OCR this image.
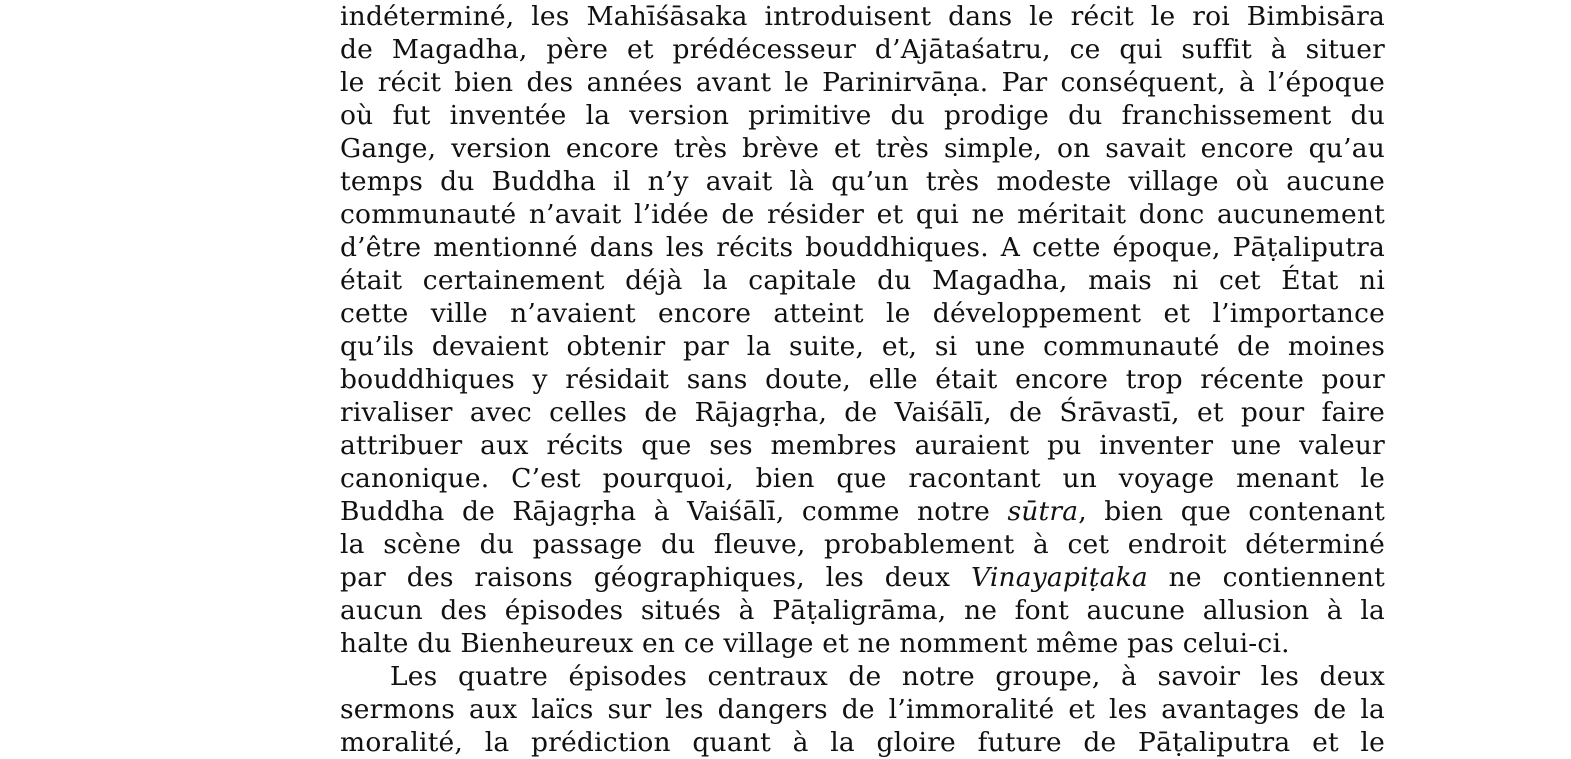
indéterminé, les Mahīśāsaka introduisent dans le récit le roi Bimbisāra
de Magadha, père et prédécesseur d’Ajātaśatru, ce qui suffit à situer
le récit bien des années avant le Parinirvāṇa. Par conséquent, à l’époque
où fut inventée la version primitive du prodige du franchissement du
Gange, version encore très brève et très simple, on savait encore qu’au
temps du Buddha il n’y avait là qu’un très modeste village où aucune
communauté n’avait l’idée de résider et qui ne méritait donc aucunement
d’être mentionné dans les récits bouddhiques. A cette époque, Pāṭaliputra
était certainement déjà la capitale du Magadha, mais ni cet État ni
cette ville n’avaient encore atteint le développement et l’importance
qu’ils devaient obtenir par la suite, et, si une communauté de moines
bouddhiques y résidait sans doute, elle était encore trop récente pour
rivaliser avec celles de Rājagṛha, de Vaiśālī, de Śrāvastī, et pour faire
attribuer aux récits que ses membres auraient pu inventer une valeur
canonique. C’est pourquoi, bien que racontant un voyage menant le
Buddha de Rājagṛha à Vaiśālī, comme notre sūtra, bien que contenant
la scène du passage du fleuve, probablement à cet endroit déterminé
par des raisons géographiques, les deux Vinayapiṭaka ne contiennent
aucun des épisodes situés à Pāṭaligrāma, ne font aucune allusion à la
halte du Bienheureux en ce village et ne nomment même pas celui-ci.
Les quatre épisodes centraux de notre groupe, à savoir les deux
sermons aux laïcs sur les dangers de l’immoralité et les avantages de la
moralité, la prédiction quant à la gloire future de Pāṭaliputra et le
